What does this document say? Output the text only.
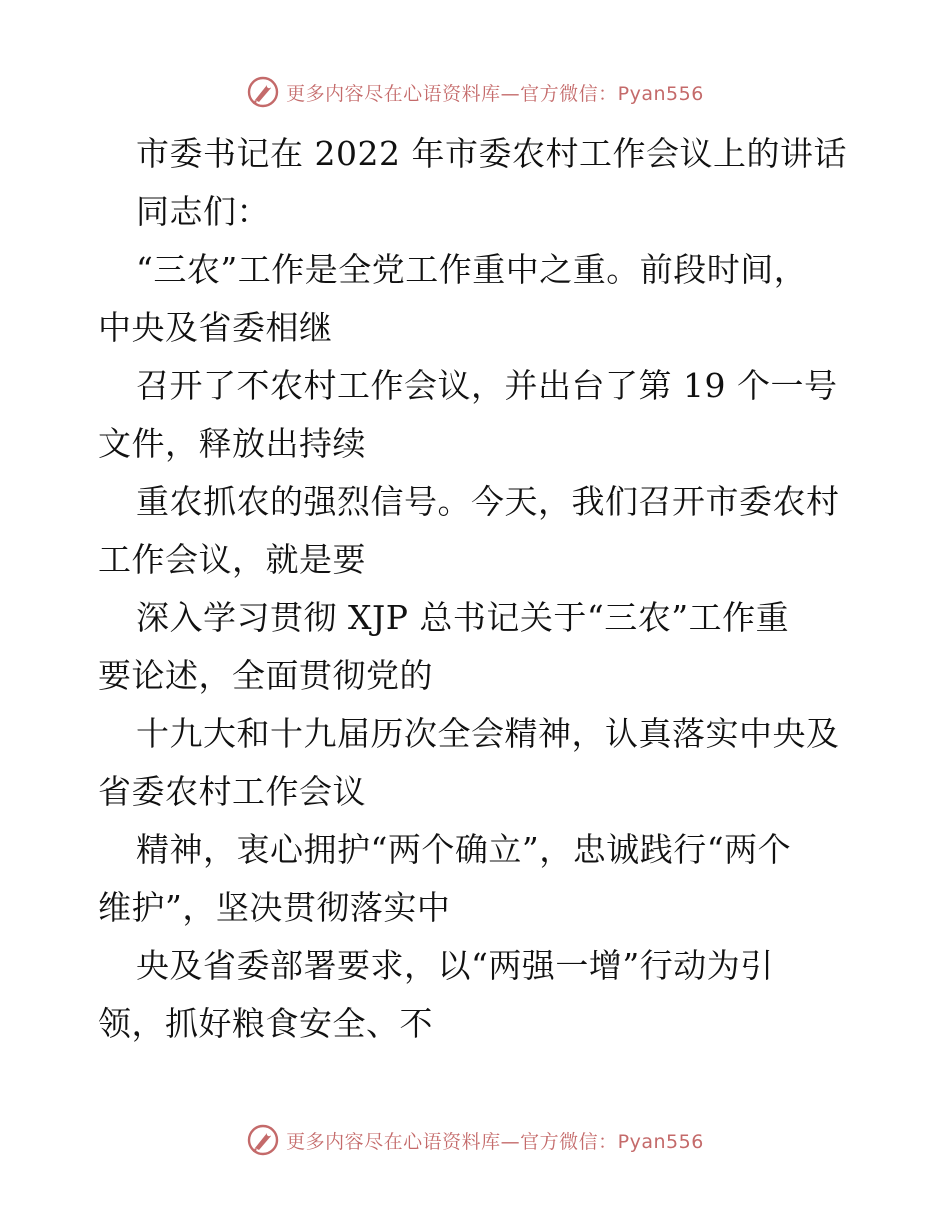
更多内容尽在心语资料库—官方微信：Pyan556
市委书记在 2022 年市委农村工作会议上的讲话
同志们：
“三农”工作是全党工作重中之重。前段时间，
中央及省委相继
召开了不农村工作会议，并出台了第 19 个一号
文件，释放出持续
重农抓农的强烈信号。今天，我们召开市委农村
工作会议，就是要
深入学习贯彻 XJP 总书记关于“三农”工作重
要论述，全面贯彻党的
十九大和十九届历次全会精神，认真落实中央及
省委农村工作会议
精神，衷心拥护“两个确立”，忠诚践行“两个
维护”，坚决贯彻落实中
央及省委部署要求，以“两强一增”行动为引
领，抓好粮食安全、不
更多内容尽在心语资料库—官方微信：Pyan556
